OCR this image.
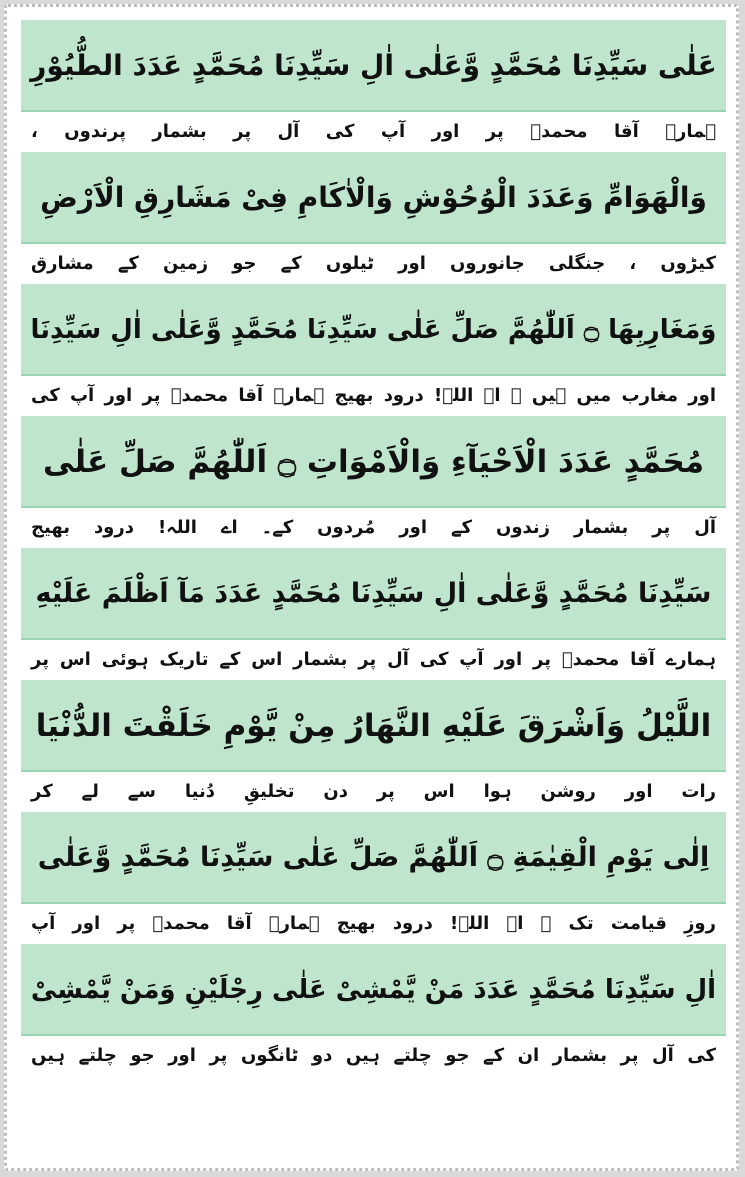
عَلٰی سَیِّدِنَا مُحَمَّدٍ وَّعَلٰی اٰلِ سَیِّدِنَا مُحَمَّدٍ عَدَدَ الطُّیُوْرِ
ہمارے آقا محمدؐ پر اور آپ کی آل پر بشمار پرندوں ،
وَالْھَوَامِّ وَعَدَدَ الْوُحُوْشِ وَالْاٰکَامِ فِیْ مَشَارِقِ الْاَرْضِ
کیڑوں ، جنگلی جانوروں اور ٹیلوں کے جو زمین کے مشارق
وَمَغَارِبِھَا ۝ اَللّٰھُمَّ صَلِّ عَلٰی سَیِّدِنَا مُحَمَّدٍ وَّعَلٰی اٰلِ سَیِّدِنَا
اور مغارب میں ہیں ۔ اے اللہ! درود بھیج ہمارے آقا محمدؐ پر اور آپ کی
مُحَمَّدٍ عَدَدَ الْاَحْیَآءِ وَالْاَمْوَاتِ ۝ اَللّٰھُمَّ صَلِّ عَلٰی
آل پر بشمار زندوں کے اور مُردوں کے۔ اے اللہ! درود بھیج
سَیِّدِنَا مُحَمَّدٍ وَّعَلٰی اٰلِ سَیِّدِنَا مُحَمَّدٍ عَدَدَ مَآ اَظْلَمَ عَلَیْهِ
ہمارے آقا محمدؐ پر اور آپ کی آل پر بشمار اس کے تاریک ہوئی اس پر
اللَّیْلُ وَاَشْرَقَ عَلَیْهِ النَّھَارُ مِنْ یَّوْمِ خَلَقْتَ الدُّنْیَا
رات اور روشن ہوا اس پر دن تخلیقِ دُنیا سے لے کر
اِلٰی یَوْمِ الْقِیٰمَةِ ۝ اَللّٰھُمَّ صَلِّ عَلٰی سَیِّدِنَا مُحَمَّدٍ وَّعَلٰی
روزِ قیامت تک ۔ اے اللہ! درود بھیج ہمارے آقا محمدؐ پر اور آپ
اٰلِ سَیِّدِنَا مُحَمَّدٍ عَدَدَ مَنْ یَّمْشِیْ عَلٰی رِجْلَیْنِ وَمَنْ یَّمْشِیْ
کی آل پر بشمار ان کے جو چلتے ہیں دو ٹانگوں پر اور جو چلتے ہیں
